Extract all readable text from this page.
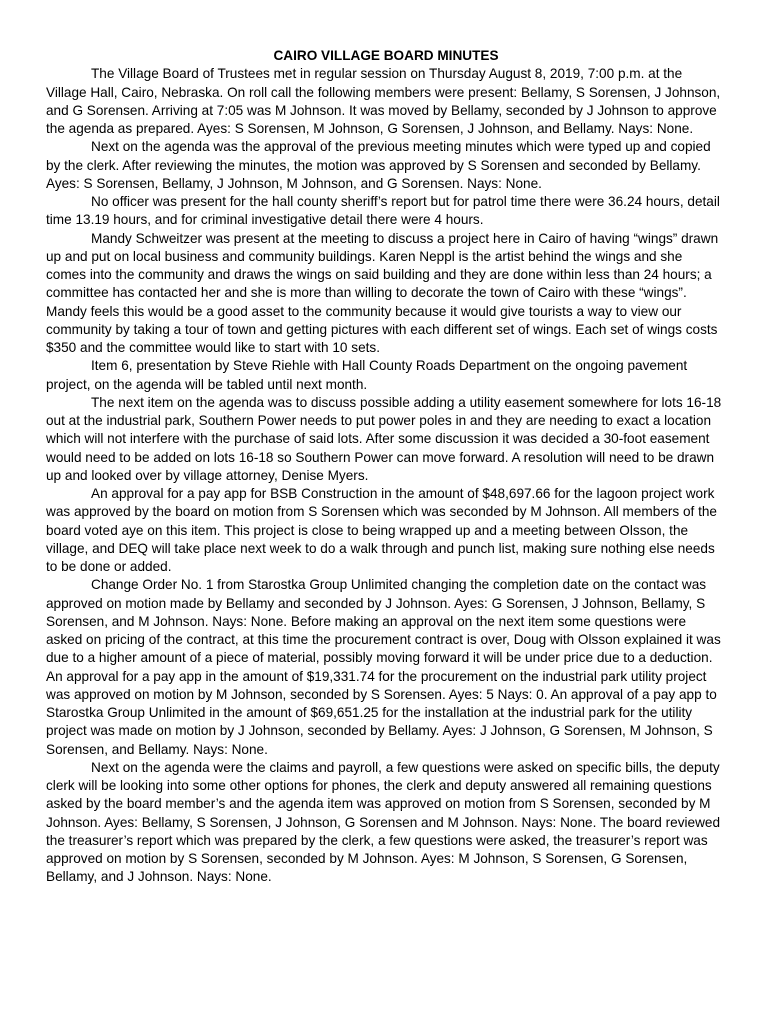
CAIRO VILLAGE BOARD MINUTES

The Village Board of Trustees met in regular session on Thursday August 8, 2019, 7:00 p.m. at the Village Hall, Cairo, Nebraska. On roll call the following members were present: Bellamy, S Sorensen, J Johnson, and G Sorensen. Arriving at 7:05 was M Johnson. It was moved by Bellamy, seconded by J Johnson to approve the agenda as prepared. Ayes: S Sorensen, M Johnson, G Sorensen, J Johnson, and Bellamy. Nays: None.

Next on the agenda was the approval of the previous meeting minutes which were typed up and copied by the clerk. After reviewing the minutes, the motion was approved by S Sorensen and seconded by Bellamy. Ayes: S Sorensen, Bellamy, J Johnson, M Johnson, and G Sorensen. Nays: None.

No officer was present for the hall county sheriff’s report but for patrol time there were 36.24 hours, detail time 13.19 hours, and for criminal investigative detail there were 4 hours.

Mandy Schweitzer was present at the meeting to discuss a project here in Cairo of having “wings” drawn up and put on local business and community buildings. Karen Neppl is the artist behind the wings and she comes into the community and draws the wings on said building and they are done within less than 24 hours; a committee has contacted her and she is more than willing to decorate the town of Cairo with these “wings”. Mandy feels this would be a good asset to the community because it would give tourists a way to view our community by taking a tour of town and getting pictures with each different set of wings. Each set of wings costs $350 and the committee would like to start with 10 sets.

Item 6, presentation by Steve Riehle with Hall County Roads Department on the ongoing pavement project, on the agenda will be tabled until next month.

The next item on the agenda was to discuss possible adding a utility easement somewhere for lots 16-18 out at the industrial park, Southern Power needs to put power poles in and they are needing to exact a location which will not interfere with the purchase of said lots. After some discussion it was decided a 30-foot easement would need to be added on lots 16-18 so Southern Power can move forward. A resolution will need to be drawn up and looked over by village attorney, Denise Myers.

An approval for a pay app for BSB Construction in the amount of $48,697.66 for the lagoon project work was approved by the board on motion from S Sorensen which was seconded by M Johnson. All members of the board voted aye on this item. This project is close to being wrapped up and a meeting between Olsson, the village, and DEQ will take place next week to do a walk through and punch list, making sure nothing else needs to be done or added.

Change Order No. 1 from Starostka Group Unlimited changing the completion date on the contact was approved on motion made by Bellamy and seconded by J Johnson. Ayes: G Sorensen, J Johnson, Bellamy, S Sorensen, and M Johnson. Nays: None. Before making an approval on the next item some questions were asked on pricing of the contract, at this time the procurement contract is over, Doug with Olsson explained it was due to a higher amount of a piece of material, possibly moving forward it will be under price due to a deduction. An approval for a pay app in the amount of $19,331.74 for the procurement on the industrial park utility project was approved on motion by M Johnson, seconded by S Sorensen. Ayes: 5 Nays: 0. An approval of a pay app to Starostka Group Unlimited in the amount of $69,651.25 for the installation at the industrial park for the utility project was made on motion by J Johnson, seconded by Bellamy. Ayes: J Johnson, G Sorensen, M Johnson, S Sorensen, and Bellamy. Nays: None.

Next on the agenda were the claims and payroll, a few questions were asked on specific bills, the deputy clerk will be looking into some other options for phones, the clerk and deputy answered all remaining questions asked by the board member’s and the agenda item was approved on motion from S Sorensen, seconded by M Johnson. Ayes: Bellamy, S Sorensen, J Johnson, G Sorensen and M Johnson. Nays: None. The board reviewed the treasurer’s report which was prepared by the clerk, a few questions were asked, the treasurer’s report was approved on motion by S Sorensen, seconded by M Johnson. Ayes: M Johnson, S Sorensen, G Sorensen, Bellamy, and J Johnson. Nays: None.
